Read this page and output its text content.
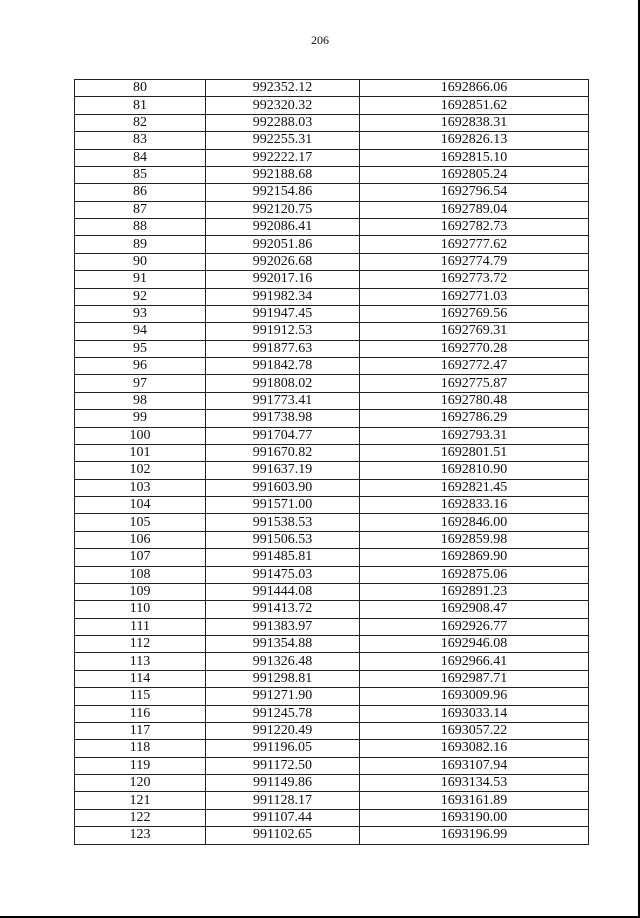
206
80	992352.12	1692866.06
81	992320.32	1692851.62
82	992288.03	1692838.31
83	992255.31	1692826.13
84	992222.17	1692815.10
85	992188.68	1692805.24
86	992154.86	1692796.54
87	992120.75	1692789.04
88	992086.41	1692782.73
89	992051.86	1692777.62
90	992026.68	1692774.79
91	992017.16	1692773.72
92	991982.34	1692771.03
93	991947.45	1692769.56
94	991912.53	1692769.31
95	991877.63	1692770.28
96	991842.78	1692772.47
97	991808.02	1692775.87
98	991773.41	1692780.48
99	991738.98	1692786.29
100	991704.77	1692793.31
101	991670.82	1692801.51
102	991637.19	1692810.90
103	991603.90	1692821.45
104	991571.00	1692833.16
105	991538.53	1692846.00
106	991506.53	1692859.98
107	991485.81	1692869.90
108	991475.03	1692875.06
109	991444.08	1692891.23
110	991413.72	1692908.47
111	991383.97	1692926.77
112	991354.88	1692946.08
113	991326.48	1692966.41
114	991298.81	1692987.71
115	991271.90	1693009.96
116	991245.78	1693033.14
117	991220.49	1693057.22
118	991196.05	1693082.16
119	991172.50	1693107.94
120	991149.86	1693134.53
121	991128.17	1693161.89
122	991107.44	1693190.00
123	991102.65	1693196.99
